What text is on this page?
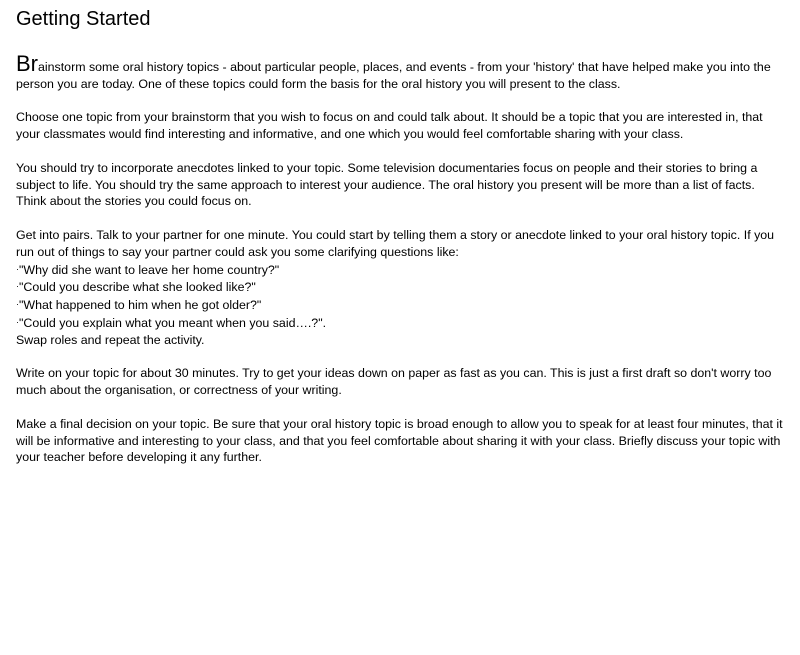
Getting Started

Brainstorm some oral history topics - about particular people, places, and events - from your 'history' that have helped make you into the person you are today. One of these topics could form the basis for the oral history you will present to the class.

Choose one topic from your brainstorm that you wish to focus on and could talk about. It should be a topic that you are interested in, that your classmates would find interesting and informative, and one which you would feel comfortable sharing with your class.

You should try to incorporate anecdotes linked to your topic. Some television documentaries focus on people and their stories to bring a subject to life. You should try the same approach to interest your audience. The oral history you present will be more than a list of facts. Think about the stories you could focus on.

Get into pairs. Talk to your partner for one minute. You could start by telling them a story or anecdote linked to your oral history topic. If you run out of things to say your partner could ask you some clarifying questions like:
·"Why did she want to leave her home country?"
·"Could you describe what she looked like?"
·"What happened to him when he got older?"
·"Could you explain what you meant when you said….?".
Swap roles and repeat the activity.

Write on your topic for about 30 minutes. Try to get your ideas down on paper as fast as you can. This is just a first draft so don't worry too much about the organisation, or correctness of your writing.

Make a final decision on your topic. Be sure that your oral history topic is broad enough to allow you to speak for at least four minutes, that it will be informative and interesting to your class, and that you feel comfortable about sharing it with your class. Briefly discuss your topic with your teacher before developing it any further.
